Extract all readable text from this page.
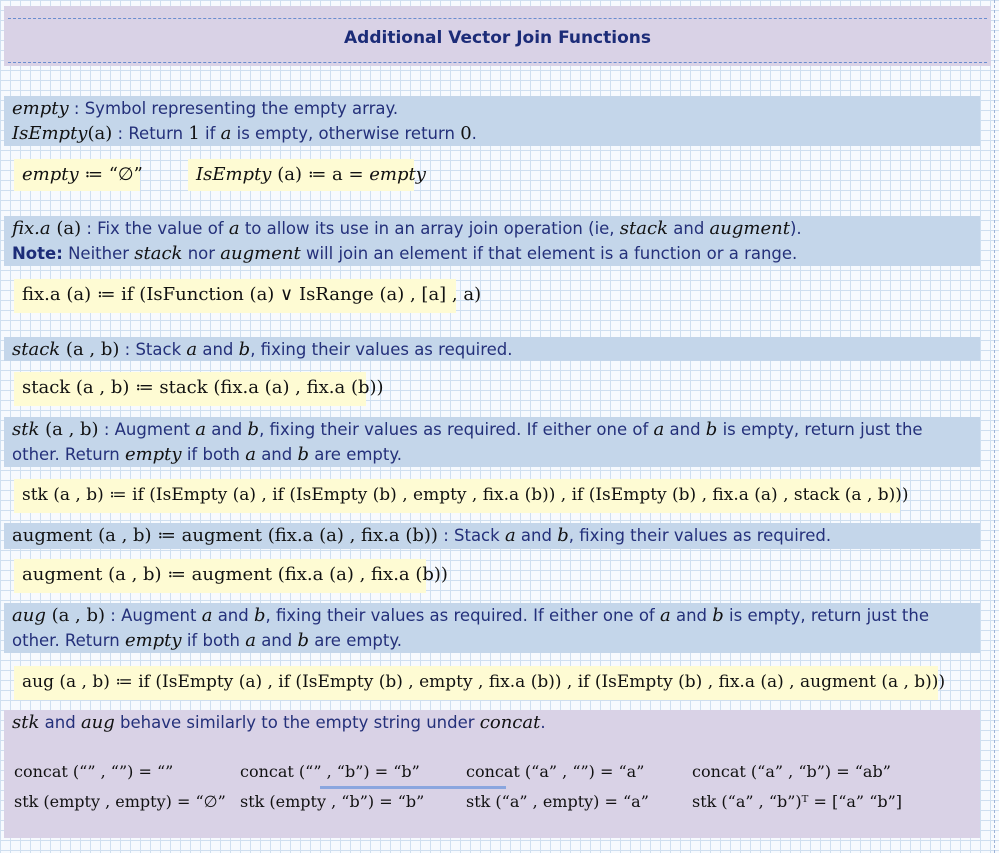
Additional Vector Join Functions
empty : Symbol representing the empty array.
IsEmpty(a) : Return 1 if a is empty, otherwise return 0.
empty ≔ “∅”	IsEmpty (a) ≔ a = empty
fix.a (a) : Fix the value of a to allow its use in an array join operation (ie, stack and augment).
Note: Neither stack nor augment will join an element if that element is a function or a range.
fix.a (a) ≔ if (IsFunction (a) ∨ IsRange (a) , [a] , a)
stack (a , b) : Stack a and b, fixing their values as required.
stack (a , b) ≔ stack (fix.a (a) , fix.a (b))
stk (a , b) : Augment a and b, fixing their values as required. If either one of a and b is empty, return just the
other. Return empty if both a and b are empty.
stk (a , b) ≔ if (IsEmpty (a) , if (IsEmpty (b) , empty , fix.a (b)) , if (IsEmpty (b) , fix.a (a) , stack (a , b)))
augment (a , b) ≔ augment (fix.a (a) , fix.a (b)) : Stack a and b, fixing their values as required.
augment (a , b) ≔ augment (fix.a (a) , fix.a (b))
aug (a , b) : Augment a and b, fixing their values as required. If either one of a and b is empty, return just the
other. Return empty if both a and b are empty.
aug (a , b) ≔ if (IsEmpty (a) , if (IsEmpty (b) , empty , fix.a (b)) , if (IsEmpty (b) , fix.a (a) , augment (a , b)))
stk and aug behave similarly to the empty string under concat.
concat (“” , “”) = “”
stk (empty , empty) = “∅”
concat (“” , “b”) = “b”
stk (empty , “b”) = “b”
concat (“a” , “”) = “a”
stk (“a” , empty) = “a”
concat (“a” , “b”) = “ab”
stk (“a” , “b”)ᵀ = [“a” “b”]
